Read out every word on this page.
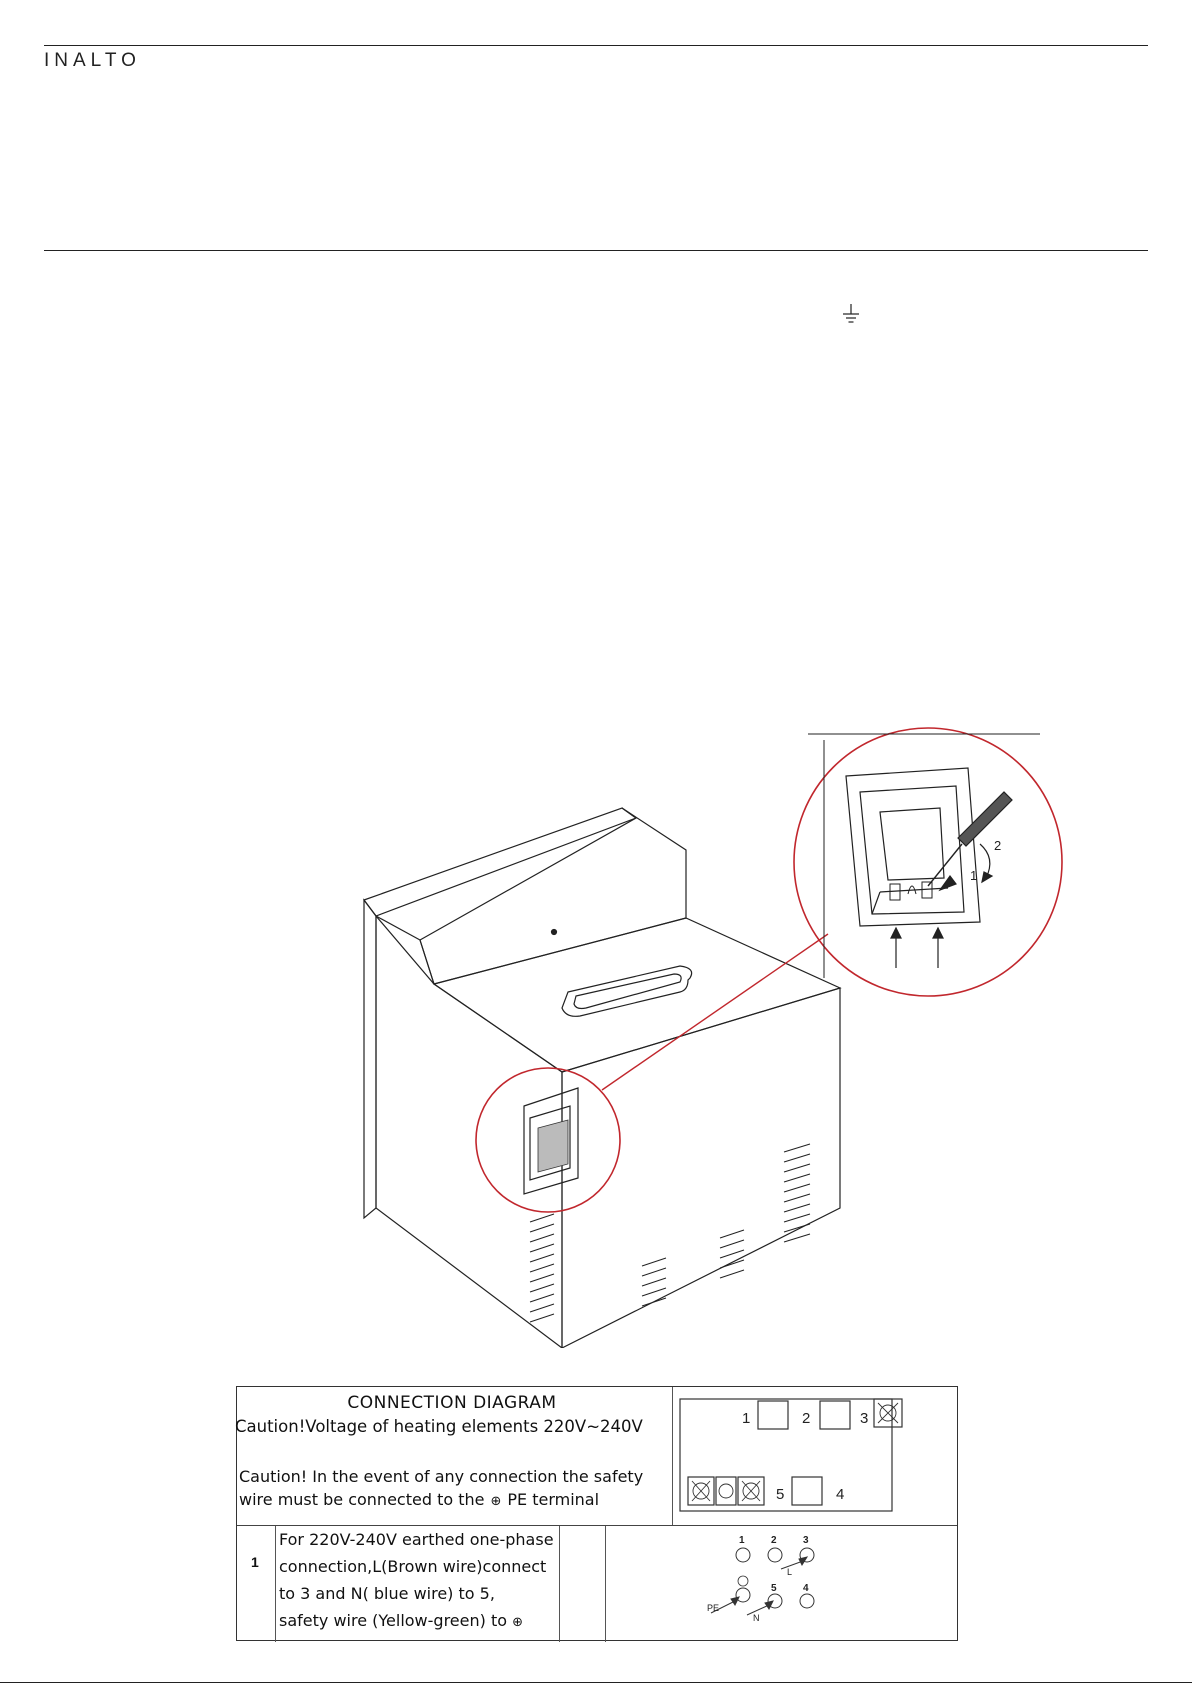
INALTO
1
2
CONNECTION DIAGRAM
Caution!Voltage of heating elements 220V~240V
Caution! In the event of any connection the safety
wire must be connected to the ⊕ PE terminal
1	2	3
5	4
1
For 220V-240V earthed one-phase
connection,L(Brown wire)connect
to 3 and N( blue wire) to 5,
safety wire (Yellow-green) to ⊕
1	2	3
5	4
L
N
PE
